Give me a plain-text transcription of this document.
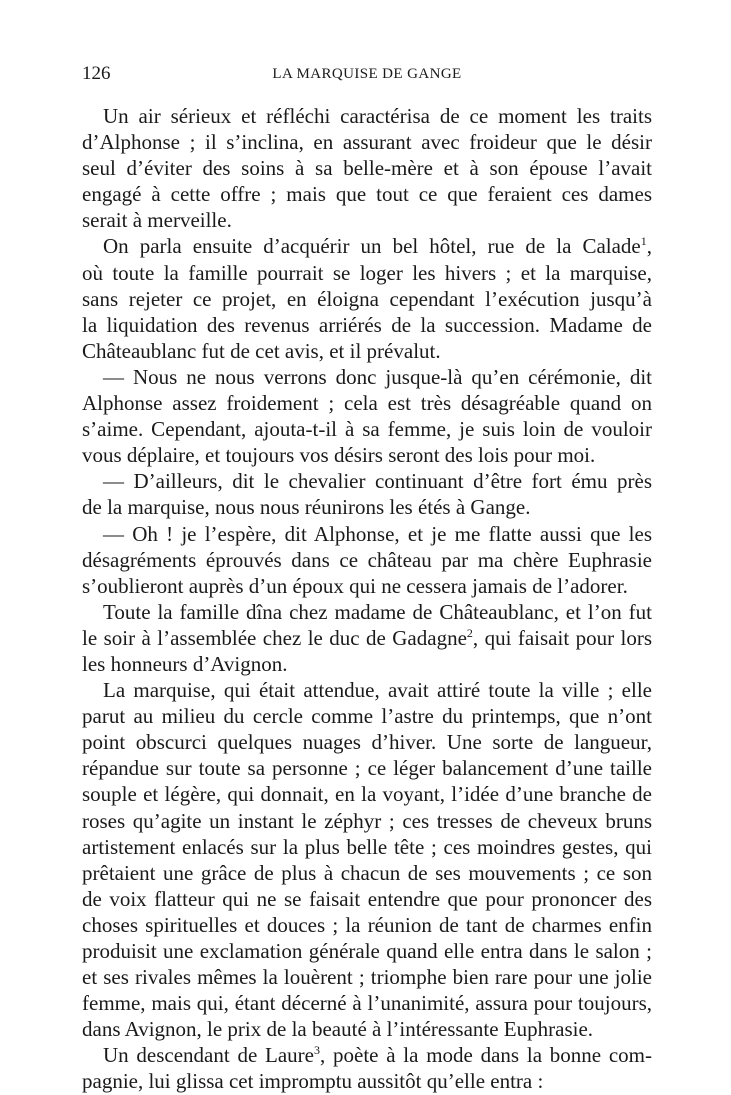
126	LA MARQUISE DE GANGE

Un air sérieux et réfléchi caractérisa de ce moment les traits
d’Alphonse ; il s’inclina, en assurant avec froideur que le désir
seul d’éviter des soins à sa belle-mère et à son épouse l’avait
engagé à cette offre ; mais que tout ce que feraient ces dames
serait à merveille.

On parla ensuite d’acquérir un bel hôtel, rue de la Calade$^1$,
où toute la famille pourrait se loger les hivers ; et la marquise,
sans rejeter ce projet, en éloigna cependant l’exécution jusqu’à
la liquidation des revenus arriérés de la succession. Madame de
Châteaublanc fut de cet avis, et il prévalut.

— Nous ne nous verrons donc jusque-là qu’en cérémonie, dit
Alphonse assez froidement ; cela est très désagréable quand on
s’aime. Cependant, ajouta-t-il à sa femme, je suis loin de vouloir
vous déplaire, et toujours vos désirs seront des lois pour moi.

— D’ailleurs, dit le chevalier continuant d’être fort ému près
de la marquise, nous nous réunirons les étés à Gange.

— Oh ! je l’espère, dit Alphonse, et je me flatte aussi que les
désagréments éprouvés dans ce château par ma chère Euphrasie
s’oublieront auprès d’un époux qui ne cessera jamais de l’adorer.

Toute la famille dîna chez madame de Châteaublanc, et l’on fut
le soir à l’assemblée chez le duc de Gadagne$^2$, qui faisait pour lors
les honneurs d’Avignon.

La marquise, qui était attendue, avait attiré toute la ville ; elle
parut au milieu du cercle comme l’astre du printemps, que n’ont
point obscurci quelques nuages d’hiver. Une sorte de langueur,
répandue sur toute sa personne ; ce léger balancement d’une taille
souple et légère, qui donnait, en la voyant, l’idée d’une branche de
roses qu’agite un instant le zéphyr ; ces tresses de cheveux bruns
artistement enlacés sur la plus belle tête ; ces moindres gestes, qui
prêtaient une grâce de plus à chacun de ses mouvements ; ce son
de voix flatteur qui ne se faisait entendre que pour prononcer des
choses spirituelles et douces ; la réunion de tant de charmes enfin
produisit une exclamation générale quand elle entra dans le salon ;
et ses rivales mêmes la louèrent ; triomphe bien rare pour une jolie
femme, mais qui, étant décerné à l’unanimité, assura pour toujours,
dans Avignon, le prix de la beauté à l’intéressante Euphrasie.

Un descendant de Laure$^3$, poète à la mode dans la bonne com-
pagnie, lui glissa cet impromptu aussitôt qu’elle entra :
